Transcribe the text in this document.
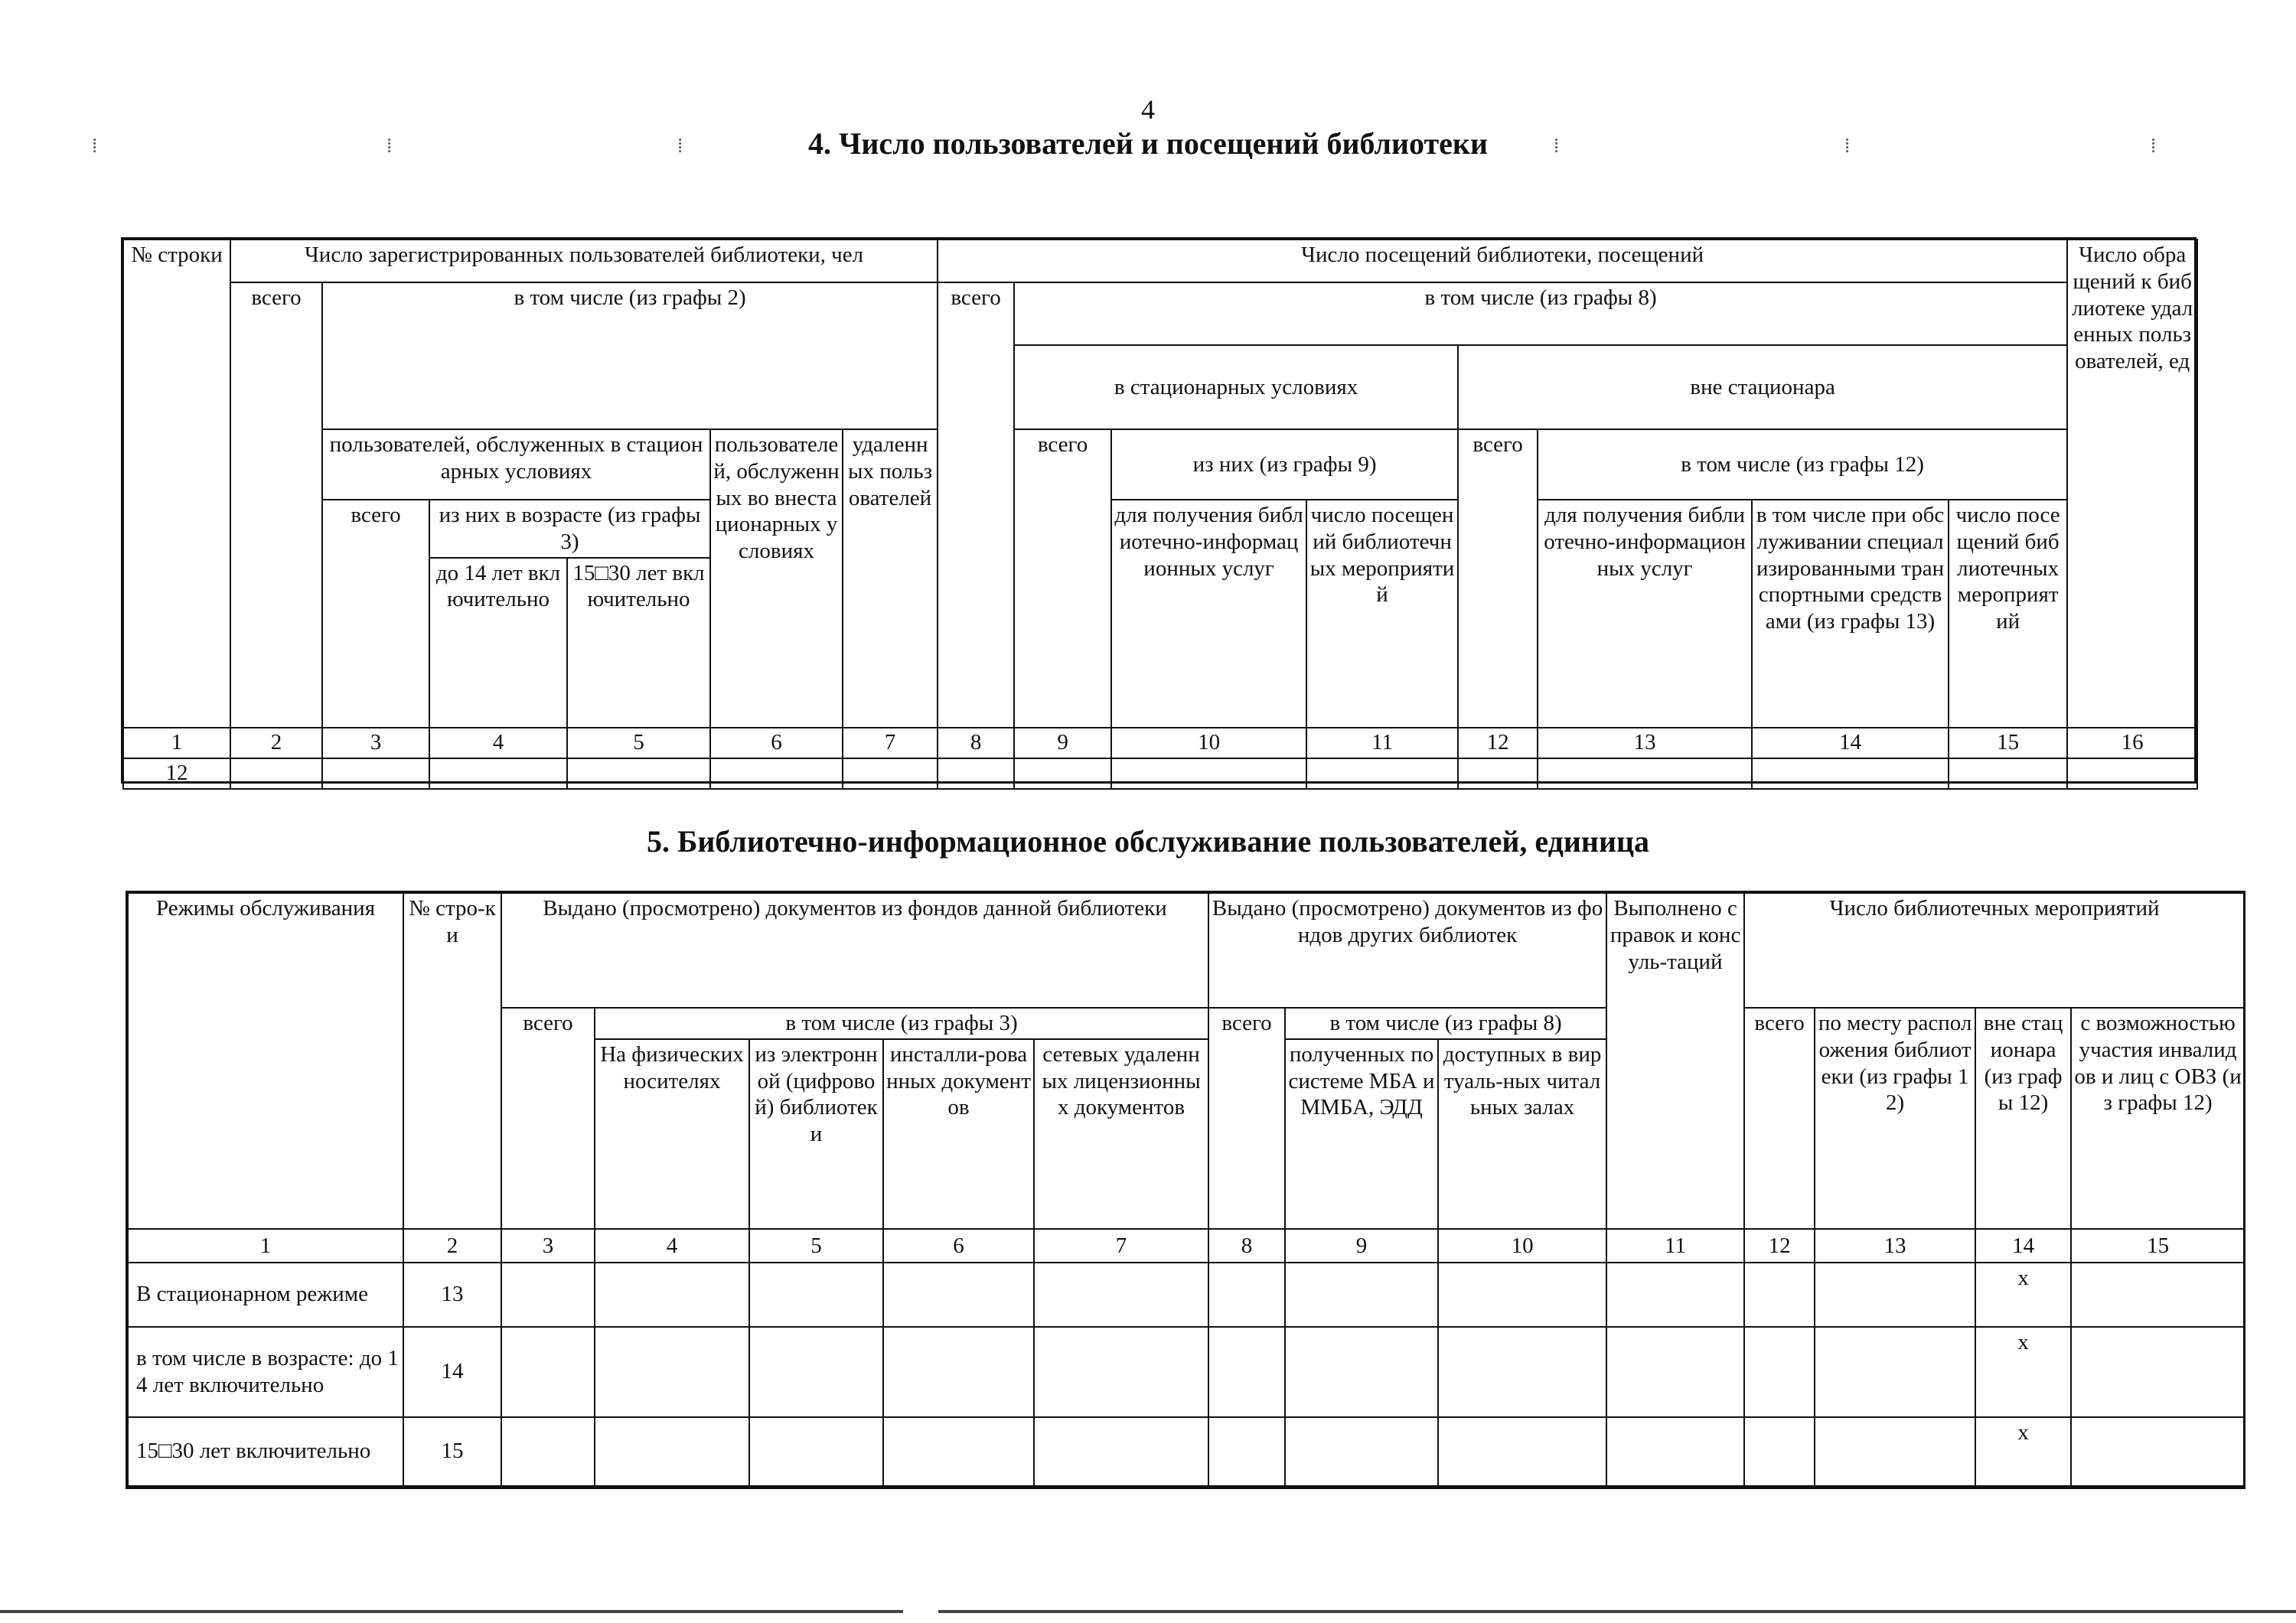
4
4. Число пользователей и посещений библиотеки
⁞	⁞	⁞	⁞	⁞	⁞
№ строки	Число зарегистрированных пользователей библиотеки, чел						Число посещений библиотеки, посещений								Число обращений к библиотеке удаленных пользователей, ед
	всего	в том числе (из графы 2)					всего	в том числе (из графы 8)							
								в стационарных условиях			вне стационара				
		пользователей, обслуженных в стационарных условиях			пользователей, обслуженных во внестационарных условиях	удаленных пользователей		всего	из них (из графы 9)		всего	в том числе (из графы 12)			
		всего	из них в возрасте (из графы 3)						для получения библиотечно-информационных услуг	число посещений библиотечных мероприятий		для получения библиотечно-информационных услуг	в том числе при обслуживании специализированными транспортными средствами (из графы 13)	число посещений библиотечных мероприятий	
			до 14 лет включительно	15□30 лет включительно											

1	2	3	4	5	6	7	8	9	10	11	12	13	14	15	16
12															
5. Библиотечно-информационное обслуживание пользователей, единица
Режимы обслуживания	№ стро-ки	Выдано (просмотрено) документов из фондов данной библиотеки					Выдано (просмотрено) документов из фондов других библиотек			Выполнено справок и консуль-таций	Число библиотечных мероприятий			
		всего	в том числе (из графы 3)				всего	в том числе (из графы 8)			всего	по месту расположения библиотеки (из графы 12)	вне стационара (из графы 12)	с возможностью участия инвалидов и лиц с ОВЗ (из графы 12)
			На физических носителях	из электронной (цифровой) библиотеки	инсталли-рованных документов	сетевых удаленных лицензионных документов		полученных по системе МБА и ММБА, ЭДД	доступных в виртуаль-ных читальных залах					
1	2	3	4	5	6	7	8	9	10	11	12	13	14	15
В стационарном режиме	13												х	
в том числе в возрасте: до 14 лет включительно	14												х	
15□30 лет включительно	15												х	
